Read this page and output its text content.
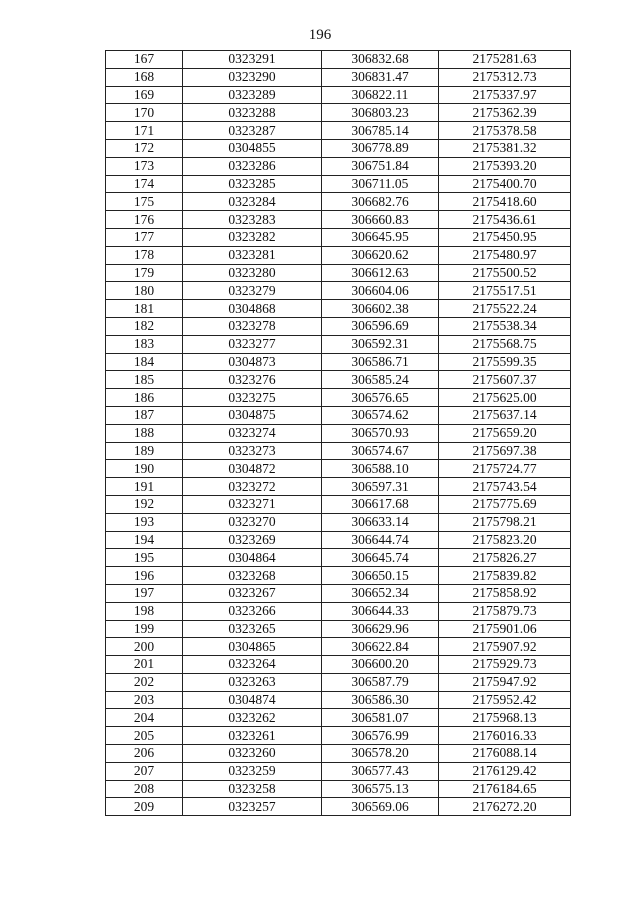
196
167	0323291	306832.68	2175281.63
168	0323290	306831.47	2175312.73
169	0323289	306822.11	2175337.97
170	0323288	306803.23	2175362.39
171	0323287	306785.14	2175378.58
172	0304855	306778.89	2175381.32
173	0323286	306751.84	2175393.20
174	0323285	306711.05	2175400.70
175	0323284	306682.76	2175418.60
176	0323283	306660.83	2175436.61
177	0323282	306645.95	2175450.95
178	0323281	306620.62	2175480.97
179	0323280	306612.63	2175500.52
180	0323279	306604.06	2175517.51
181	0304868	306602.38	2175522.24
182	0323278	306596.69	2175538.34
183	0323277	306592.31	2175568.75
184	0304873	306586.71	2175599.35
185	0323276	306585.24	2175607.37
186	0323275	306576.65	2175625.00
187	0304875	306574.62	2175637.14
188	0323274	306570.93	2175659.20
189	0323273	306574.67	2175697.38
190	0304872	306588.10	2175724.77
191	0323272	306597.31	2175743.54
192	0323271	306617.68	2175775.69
193	0323270	306633.14	2175798.21
194	0323269	306644.74	2175823.20
195	0304864	306645.74	2175826.27
196	0323268	306650.15	2175839.82
197	0323267	306652.34	2175858.92
198	0323266	306644.33	2175879.73
199	0323265	306629.96	2175901.06
200	0304865	306622.84	2175907.92
201	0323264	306600.20	2175929.73
202	0323263	306587.79	2175947.92
203	0304874	306586.30	2175952.42
204	0323262	306581.07	2175968.13
205	0323261	306576.99	2176016.33
206	0323260	306578.20	2176088.14
207	0323259	306577.43	2176129.42
208	0323258	306575.13	2176184.65
209	0323257	306569.06	2176272.20
